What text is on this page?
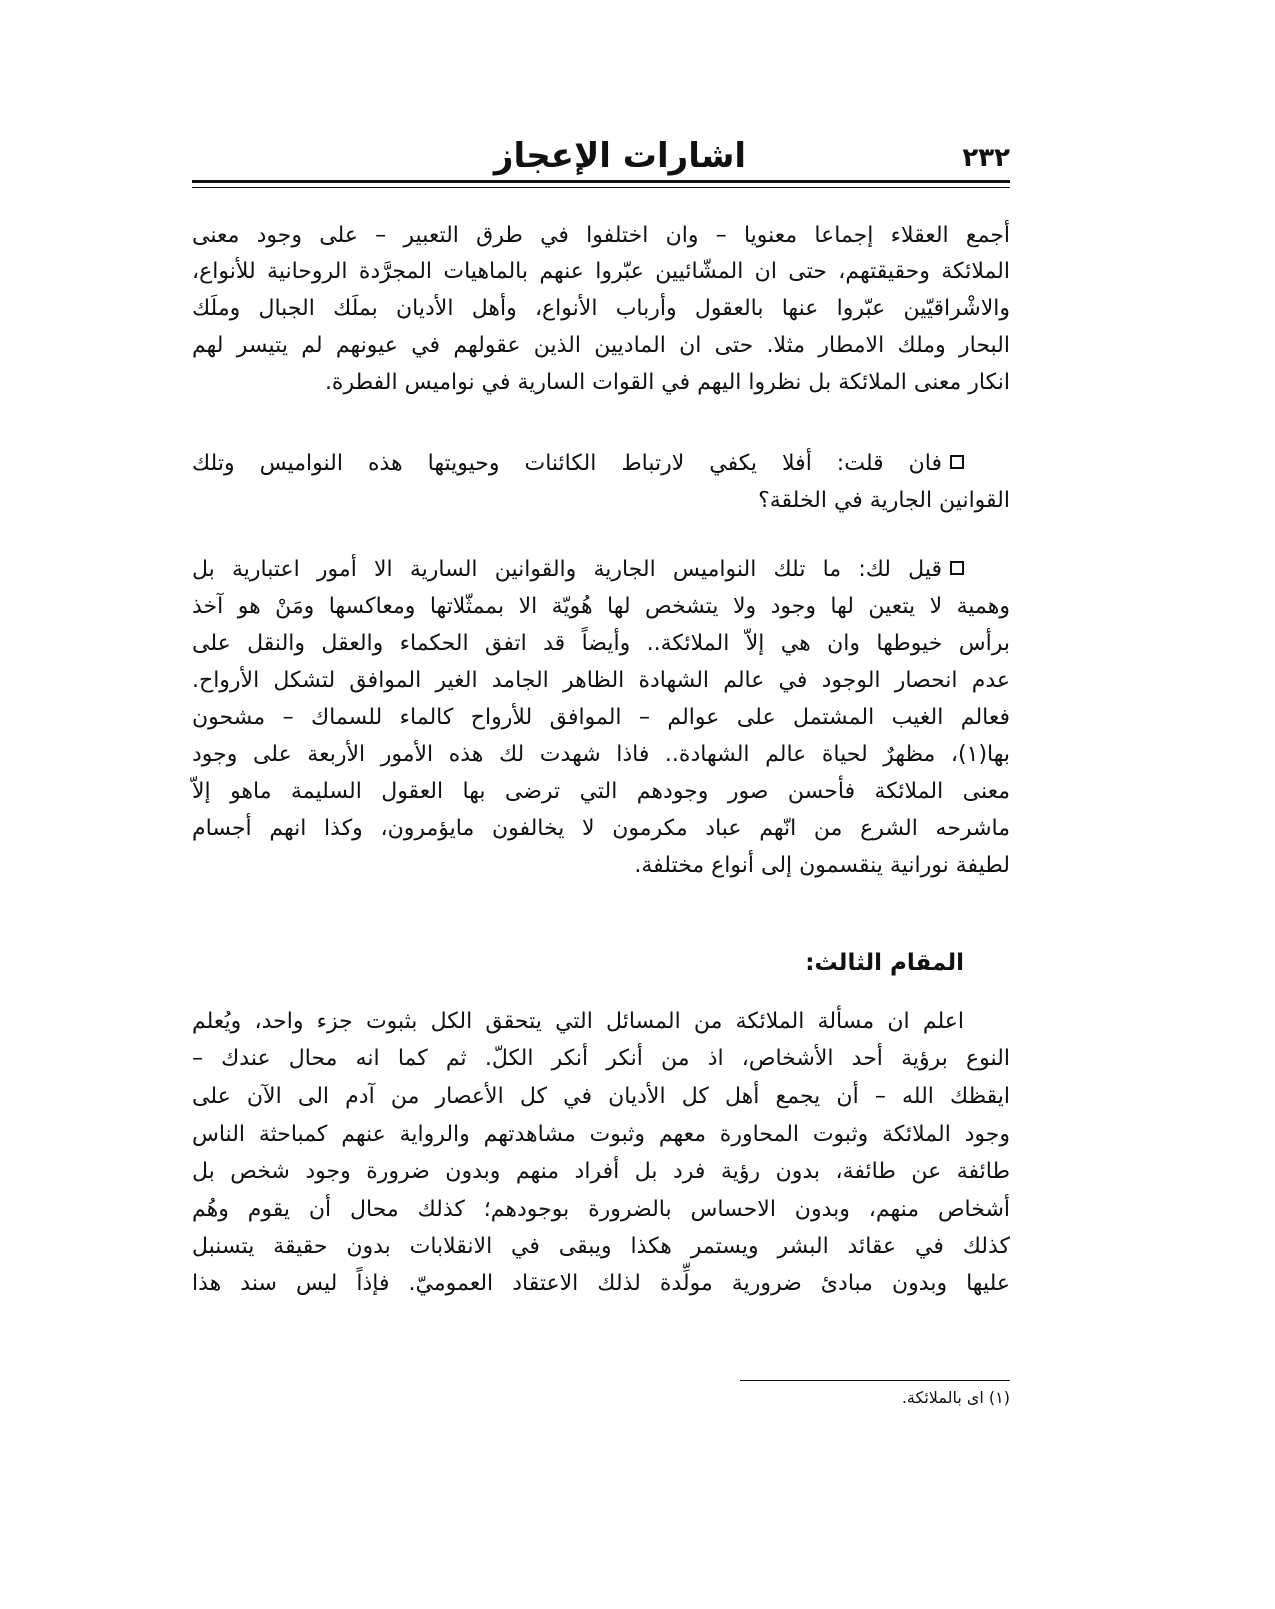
٢٣٢
اشارات الإعجاز
أجمع العقلاء إجماعا معنويا – وان اختلفوا في طرق التعبير – على وجود معنى
الملائكة وحقيقتهم، حتى ان المشّائيين عبّروا عنهم بالماهيات المجرَّدة الروحانية للأنواع،
والاشْراقيّين عبّروا عنها بالعقول وأرباب الأنواع، وأهل الأديان بملَك الجبال وملَك
البحار وملك الامطار مثلا. حتى ان الماديين الذين عقولهم في عيونهم لم يتيسر لهم
انكار معنى الملائكة بل نظروا اليهم في القوات السارية في نواميس الفطرة.
فان قلت: أفلا يكفي لارتباط الكائنات وحيويتها هذه النواميس وتلك
القوانين الجارية في الخلقة؟
قيل لك: ما تلك النواميس الجارية والقوانين السارية الا أمور اعتبارية بل
وهمية لا يتعين لها وجود ولا يتشخص لها هُويّة الا بممثّلاتها ومعاكسها ومَنْ هو آخذ
برأس خيوطها وان هي إلاّ الملائكة.. وأيضاً قد اتفق الحكماء والعقل والنقل على
عدم انحصار الوجود في عالم الشهادة الظاهر الجامد الغير الموافق لتشكل الأرواح.
فعالم الغيب المشتمل على عوالم – الموافق للأرواح كالماء للسماك – مشحون
بها(١)، مظهرٌ لحياة عالم الشهادة.. فاذا شهدت لك هذه الأمور الأربعة على وجود
معنى الملائكة فأحسن صور وجودهم التي ترضى بها العقول السليمة ماهو إلاّ
ماشرحه الشرع من انّهم عباد مكرمون لا يخالفون مايؤمرون، وكذا انهم أجسام
لطيفة نورانية ينقسمون إلى أنواع مختلفة.
المقام الثالث:
اعلم ان مسألة الملائكة من المسائل التي يتحقق الكل بثبوت جزء واحد، ويُعلم
النوع برؤية أحد الأشخاص، اذ من أنكر أنكر الكلّ. ثم كما انه محال عندك –
ايقظك الله – أن يجمع أهل كل الأديان في كل الأعصار من آدم الى الآن على
وجود الملائكة وثبوت المحاورة معهم وثبوت مشاهدتهم والرواية عنهم كمباحثة الناس
طائفة عن طائفة، بدون رؤية فرد بل أفراد منهم وبدون ضرورة وجود شخص بل
أشخاص منهم، وبدون الاحساس بالضرورة بوجودهم؛ كذلك محال أن يقوم وهُم
كذلك في عقائد البشر ويستمر هكذا ويبقى في الانقلابات بدون حقيقة يتسنبل
عليها وبدون مبادئ ضرورية مولِّدة لذلك الاعتقاد العموميّ. فإذاً ليس سند هذا
(١) اى بالملائكة.
